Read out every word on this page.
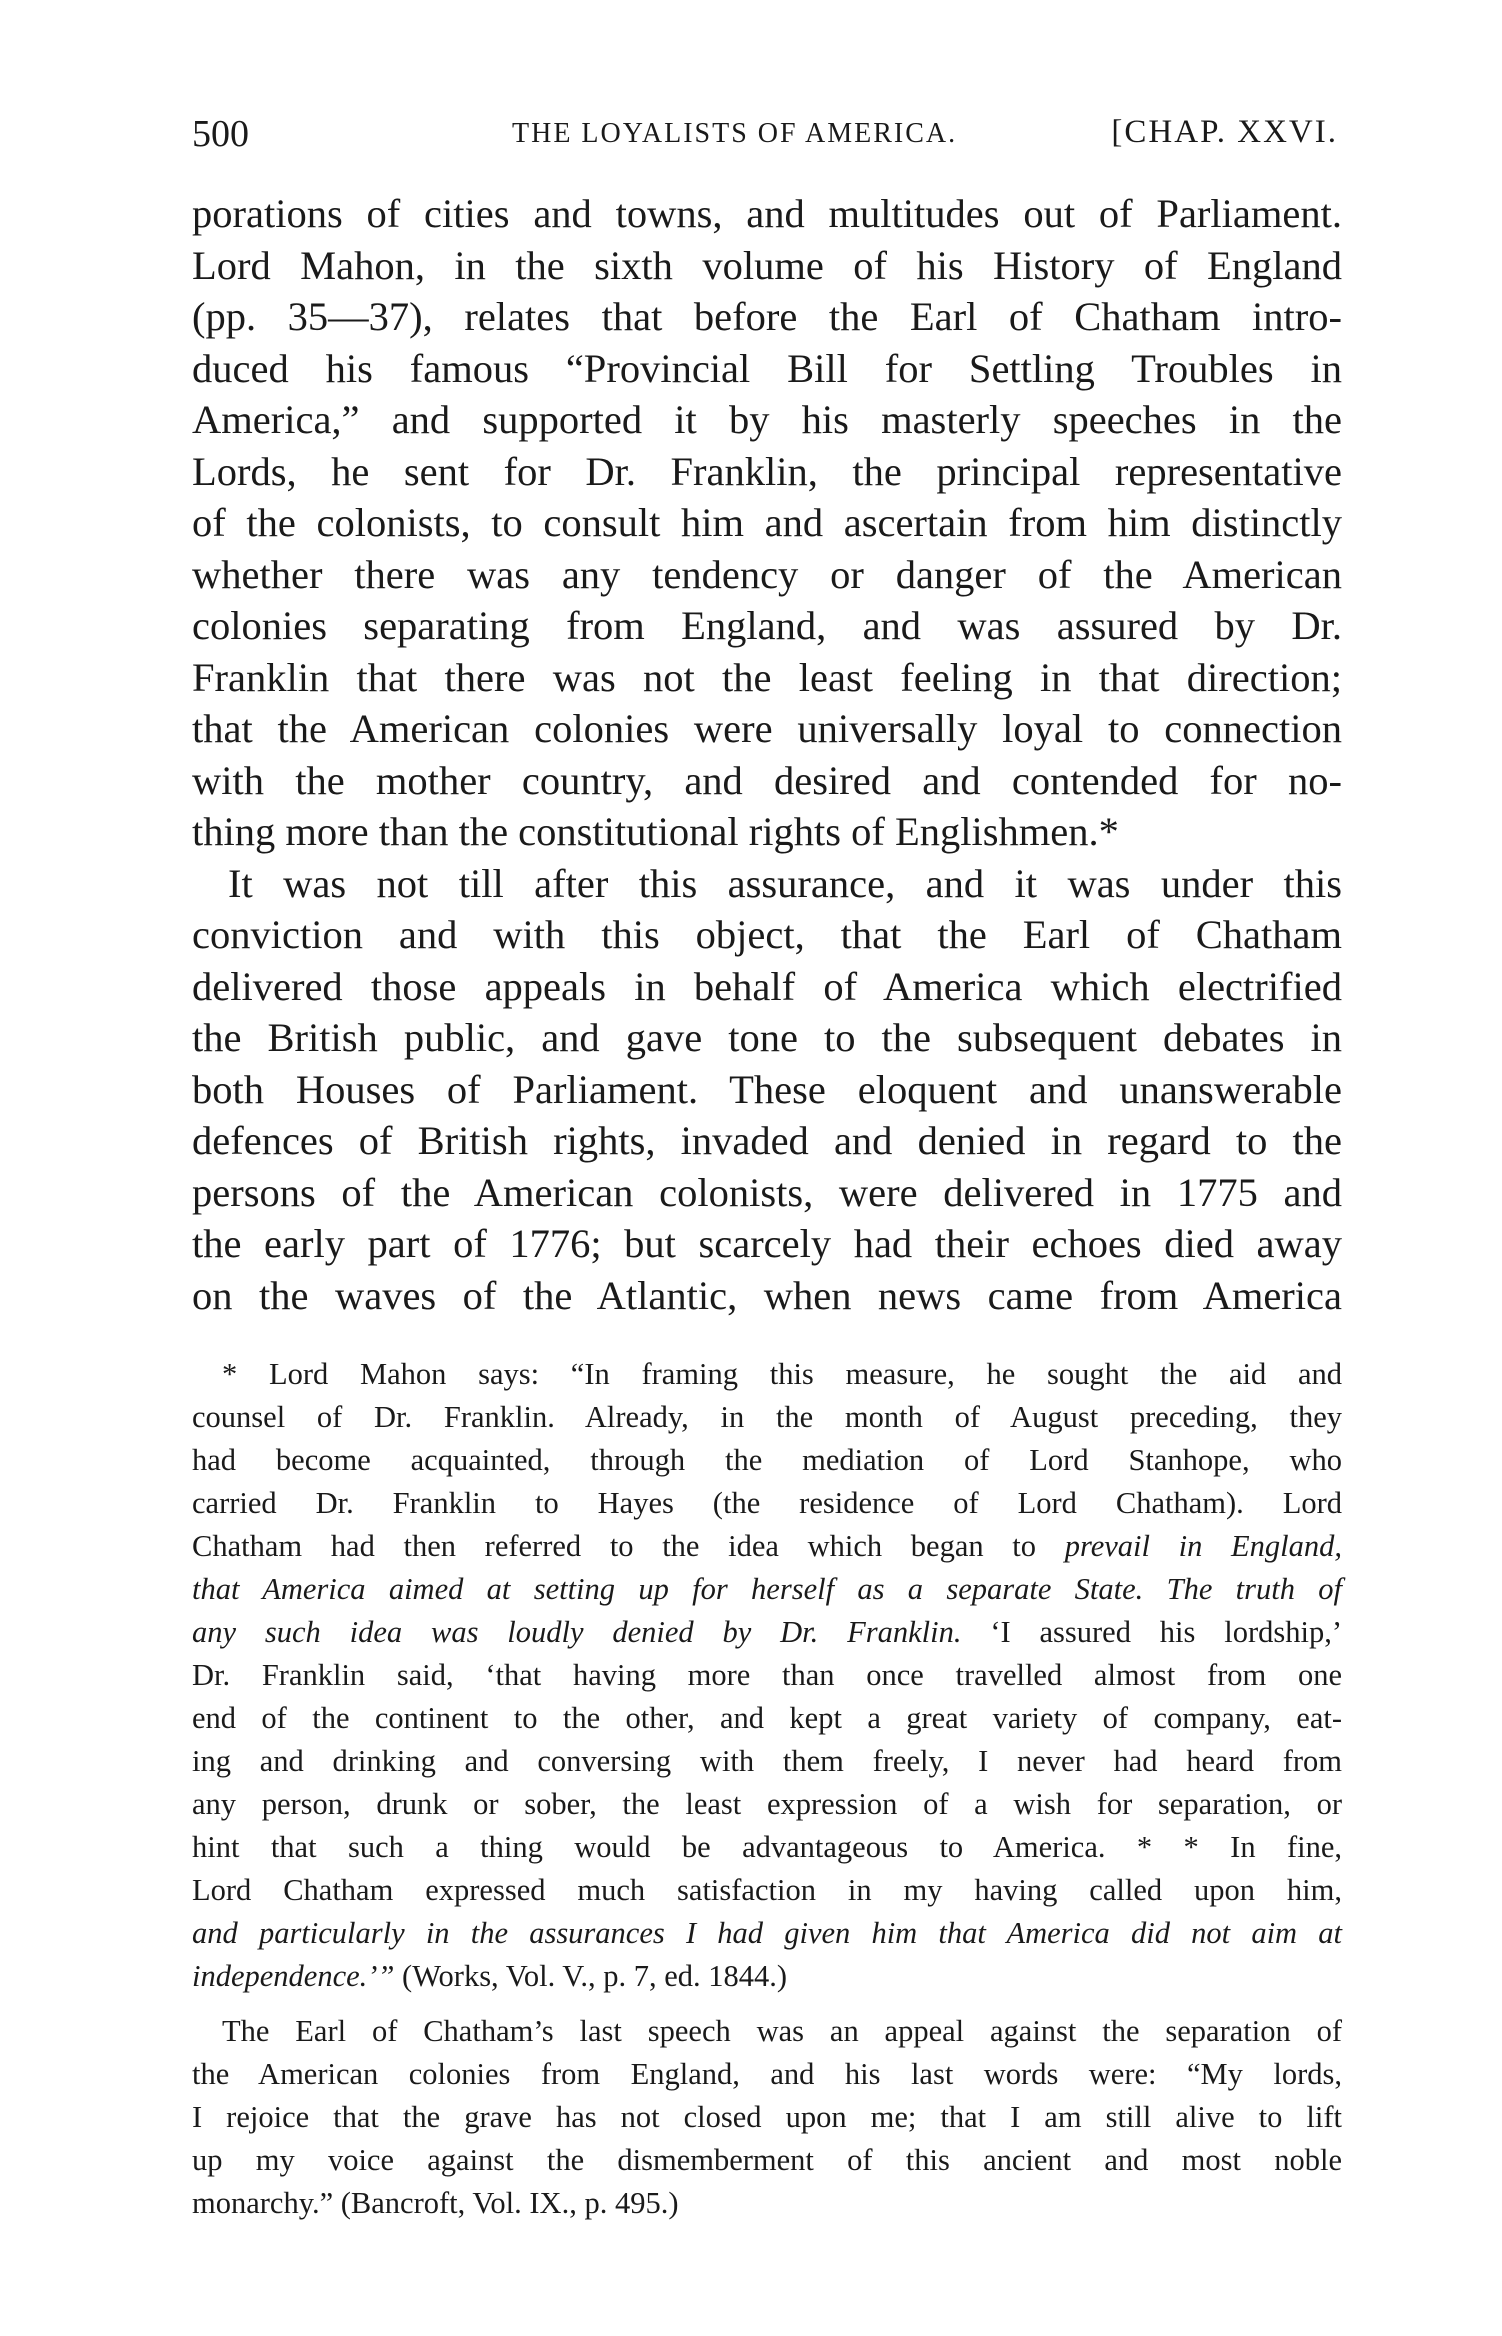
500	THE LOYALISTS OF AMERICA.	[CHAP. XXVI.
porations of cities and towns, and multitudes out of Parliament.
Lord Mahon, in the sixth volume of his History of England
(pp. 35—37), relates that before the Earl of Chatham intro-
duced his famous “Provincial Bill for Settling Troubles in
America,” and supported it by his masterly speeches in the
Lords, he sent for Dr. Franklin, the principal representative
of the colonists, to consult him and ascertain from him distinctly
whether there was any tendency or danger of the American
colonies separating from England, and was assured by Dr.
Franklin that there was not the least feeling in that direction;
that the American colonies were universally loyal to connection
with the mother country, and desired and contended for no-
thing more than the constitutional rights of Englishmen.*
It was not till after this assurance, and it was under this
conviction and with this object, that the Earl of Chatham
delivered those appeals in behalf of America which electrified
the British public, and gave tone to the subsequent debates in
both Houses of Parliament. These eloquent and unanswerable
defences of British rights, invaded and denied in regard to the
persons of the American colonists, were delivered in 1775 and
the early part of 1776; but scarcely had their echoes died away
on the waves of the Atlantic, when news came from America
* Lord Mahon says: “In framing this measure, he sought the aid and
counsel of Dr. Franklin. Already, in the month of August preceding, they
had become acquainted, through the mediation of Lord Stanhope, who
carried Dr. Franklin to Hayes (the residence of Lord Chatham). Lord
Chatham had then referred to the idea which began to prevail in England,
that America aimed at setting up for herself as a separate State. The truth of
any such idea was loudly denied by Dr. Franklin. ‘I assured his lordship,’
Dr. Franklin said, ‘that having more than once travelled almost from one
end of the continent to the other, and kept a great variety of company, eat-
ing and drinking and conversing with them freely, I never had heard from
any person, drunk or sober, the least expression of a wish for separation, or
hint that such a thing would be advantageous to America. * * In fine,
Lord Chatham expressed much satisfaction in my having called upon him,
and particularly in the assurances I had given him that America did not aim at
independence.’” (Works, Vol. V., p. 7, ed. 1844.)
The Earl of Chatham’s last speech was an appeal against the separation of
the American colonies from England, and his last words were: “My lords,
I rejoice that the grave has not closed upon me; that I am still alive to lift
up my voice against the dismemberment of this ancient and most noble
monarchy.” (Bancroft, Vol. IX., p. 495.)
